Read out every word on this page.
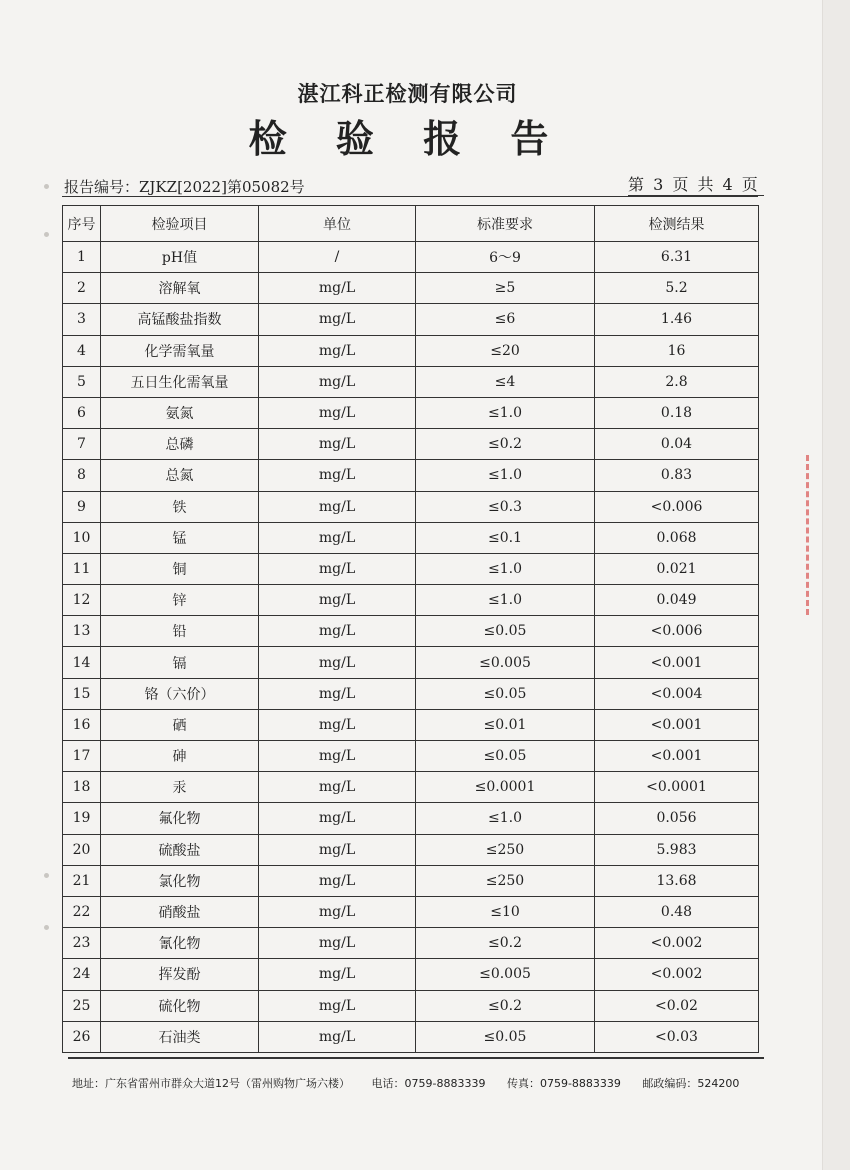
湛江科正检测有限公司
检 验 报 告
报告编号：ZJKZ[2022]第05082号	第 3 页 共 4 页
序号	检验项目	单位	标准要求	检测结果
1	pH值	/	6～9	6.31
2	溶解氧	mg/L	≥5	5.2
3	高锰酸盐指数	mg/L	≤6	1.46
4	化学需氧量	mg/L	≤20	16
5	五日生化需氧量	mg/L	≤4	2.8
6	氨氮	mg/L	≤1.0	0.18
7	总磷	mg/L	≤0.2	0.04
8	总氮	mg/L	≤1.0	0.83
9	铁	mg/L	≤0.3	<0.006
10	锰	mg/L	≤0.1	0.068
11	铜	mg/L	≤1.0	0.021
12	锌	mg/L	≤1.0	0.049
13	铅	mg/L	≤0.05	<0.006
14	镉	mg/L	≤0.005	<0.001
15	铬（六价）	mg/L	≤0.05	<0.004
16	硒	mg/L	≤0.01	<0.001
17	砷	mg/L	≤0.05	<0.001
18	汞	mg/L	≤0.0001	<0.0001
19	氟化物	mg/L	≤1.0	0.056
20	硫酸盐	mg/L	≤250	5.983
21	氯化物	mg/L	≤250	13.68
22	硝酸盐	mg/L	≤10	0.48
23	氰化物	mg/L	≤0.2	<0.002
24	挥发酚	mg/L	≤0.005	<0.002
25	硫化物	mg/L	≤0.2	<0.02
26	石油类	mg/L	≤0.05	<0.03
地址：广东省雷州市群众大道12号（雷州购物广场六楼） 电话：0759-8883339 传真：0759-8883339 邮政编码：524200
